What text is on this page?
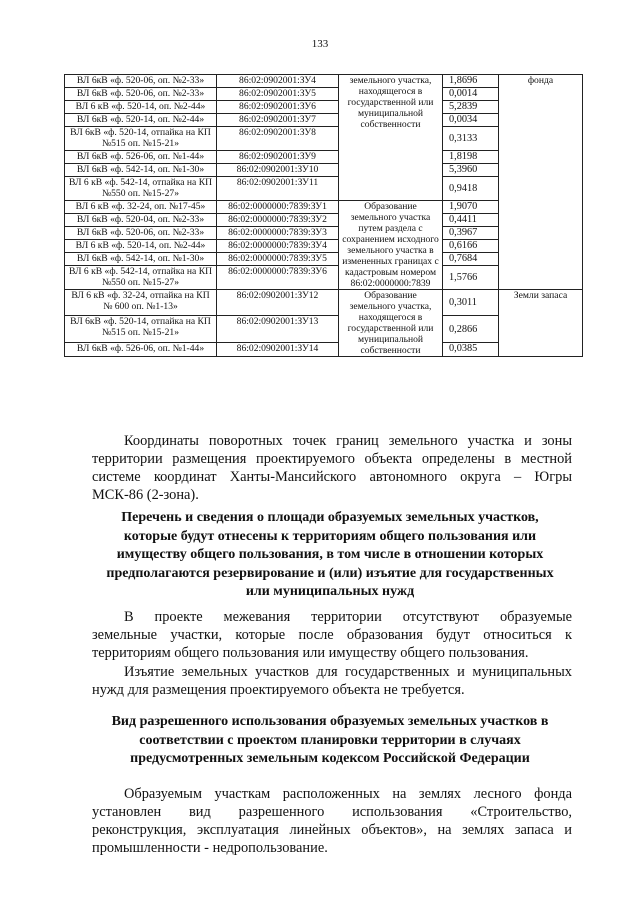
133
ВЛ 6кВ «ф. 520-06, оп. №2-33»	86:02:0902001:ЗУ4	земельного участка, находящегося в государственной или муниципальной собственности	1,8696	фонда
ВЛ 6кВ «ф. 520-06, оп. №2-33»	86:02:0902001:ЗУ5		0,0014	
ВЛ 6 кВ «ф. 520-14, оп. №2-44»	86:02:0902001:ЗУ6		5,2839	
ВЛ 6кВ «ф. 520-14, оп. №2-44»	86:02:0902001:ЗУ7		0,0034	
ВЛ 6кВ «ф. 520-14, отпайка на КП №515 оп. №15-21»	86:02:0902001:ЗУ8		0,3133	
ВЛ 6кВ «ф. 526-06, оп. №1-44»	86:02:0902001:ЗУ9		1,8198	
ВЛ 6кВ «ф. 542-14, оп. №1-30»	86:02:0902001:ЗУ10		5,3960	
ВЛ 6 кВ «ф. 542-14, отпайка на КП №550 оп. №15-27»	86:02:0902001:ЗУ11		0,9418	
ВЛ 6 кВ «ф. 32-24, оп. №17-45»	86:02:0000000:7839:ЗУ1	Образование земельного участка путем раздела с сохранением исходного земельного участка в измененных границах с кадастровым номером 86:02:0000000:7839	1,9070	
ВЛ 6кВ «ф. 520-04, оп. №2-33»	86:02:0000000:7839:ЗУ2		0,4411	
ВЛ 6кВ «ф. 520-06, оп. №2-33»	86:02:0000000:7839:ЗУ3		0,3967	
ВЛ 6 кВ «ф. 520-14, оп. №2-44»	86:02:0000000:7839:ЗУ4		0,6166	
ВЛ 6кВ «ф. 542-14, оп. №1-30»	86:02:0000000:7839:ЗУ5		0,7684	
ВЛ 6 кВ «ф. 542-14, отпайка на КП №550 оп. №15-27»	86:02:0000000:7839:ЗУ6		1,5766	
ВЛ 6 кВ «ф. 32-24, отпайка на КП № 600 оп. №1-13»	86:02:0902001:ЗУ12	Образование земельного участка, находящегося в государственной или муниципальной собственности	0,3011	Земли запаса
ВЛ 6кВ «ф. 520-14, отпайка на КП №515 оп. №15-21»	86:02:0902001:ЗУ13		0,2866	
ВЛ 6кВ «ф. 526-06, оп. №1-44»	86:02:0902001:ЗУ14		0,0385	
Координаты поворотных точек границ земельного участка и зоны
территории размещения проектируемого объекта определены в местной
системе координат Ханты-Мансийского автономного округа – Югры
МСК-86 (2-зона).
Перечень и сведения о площади образуемых земельных участков,
которые будут отнесены к территориям общего пользования или
имуществу общего пользования, в том числе в отношении которых
предполагаются резервирование и (или) изъятие для государственных
или муниципальных нужд
В проекте межевания территории отсутствуют образуемые
земельные участки, которые после образования будут относиться к
территориям общего пользования или имуществу общего пользования.
Изъятие земельных участков для государственных и муниципальных
нужд для размещения проектируемого объекта не требуется.
Вид разрешенного использования образуемых земельных участков в
соответствии с проектом планировки территории в случаях
предусмотренных земельным кодексом Российской Федерации
Образуемым участкам расположенных на землях лесного фонда
установлен вид разрешенного использования «Строительство,
реконструкция, эксплуатация линейных объектов», на землях запаса и
промышленности - недропользование.
